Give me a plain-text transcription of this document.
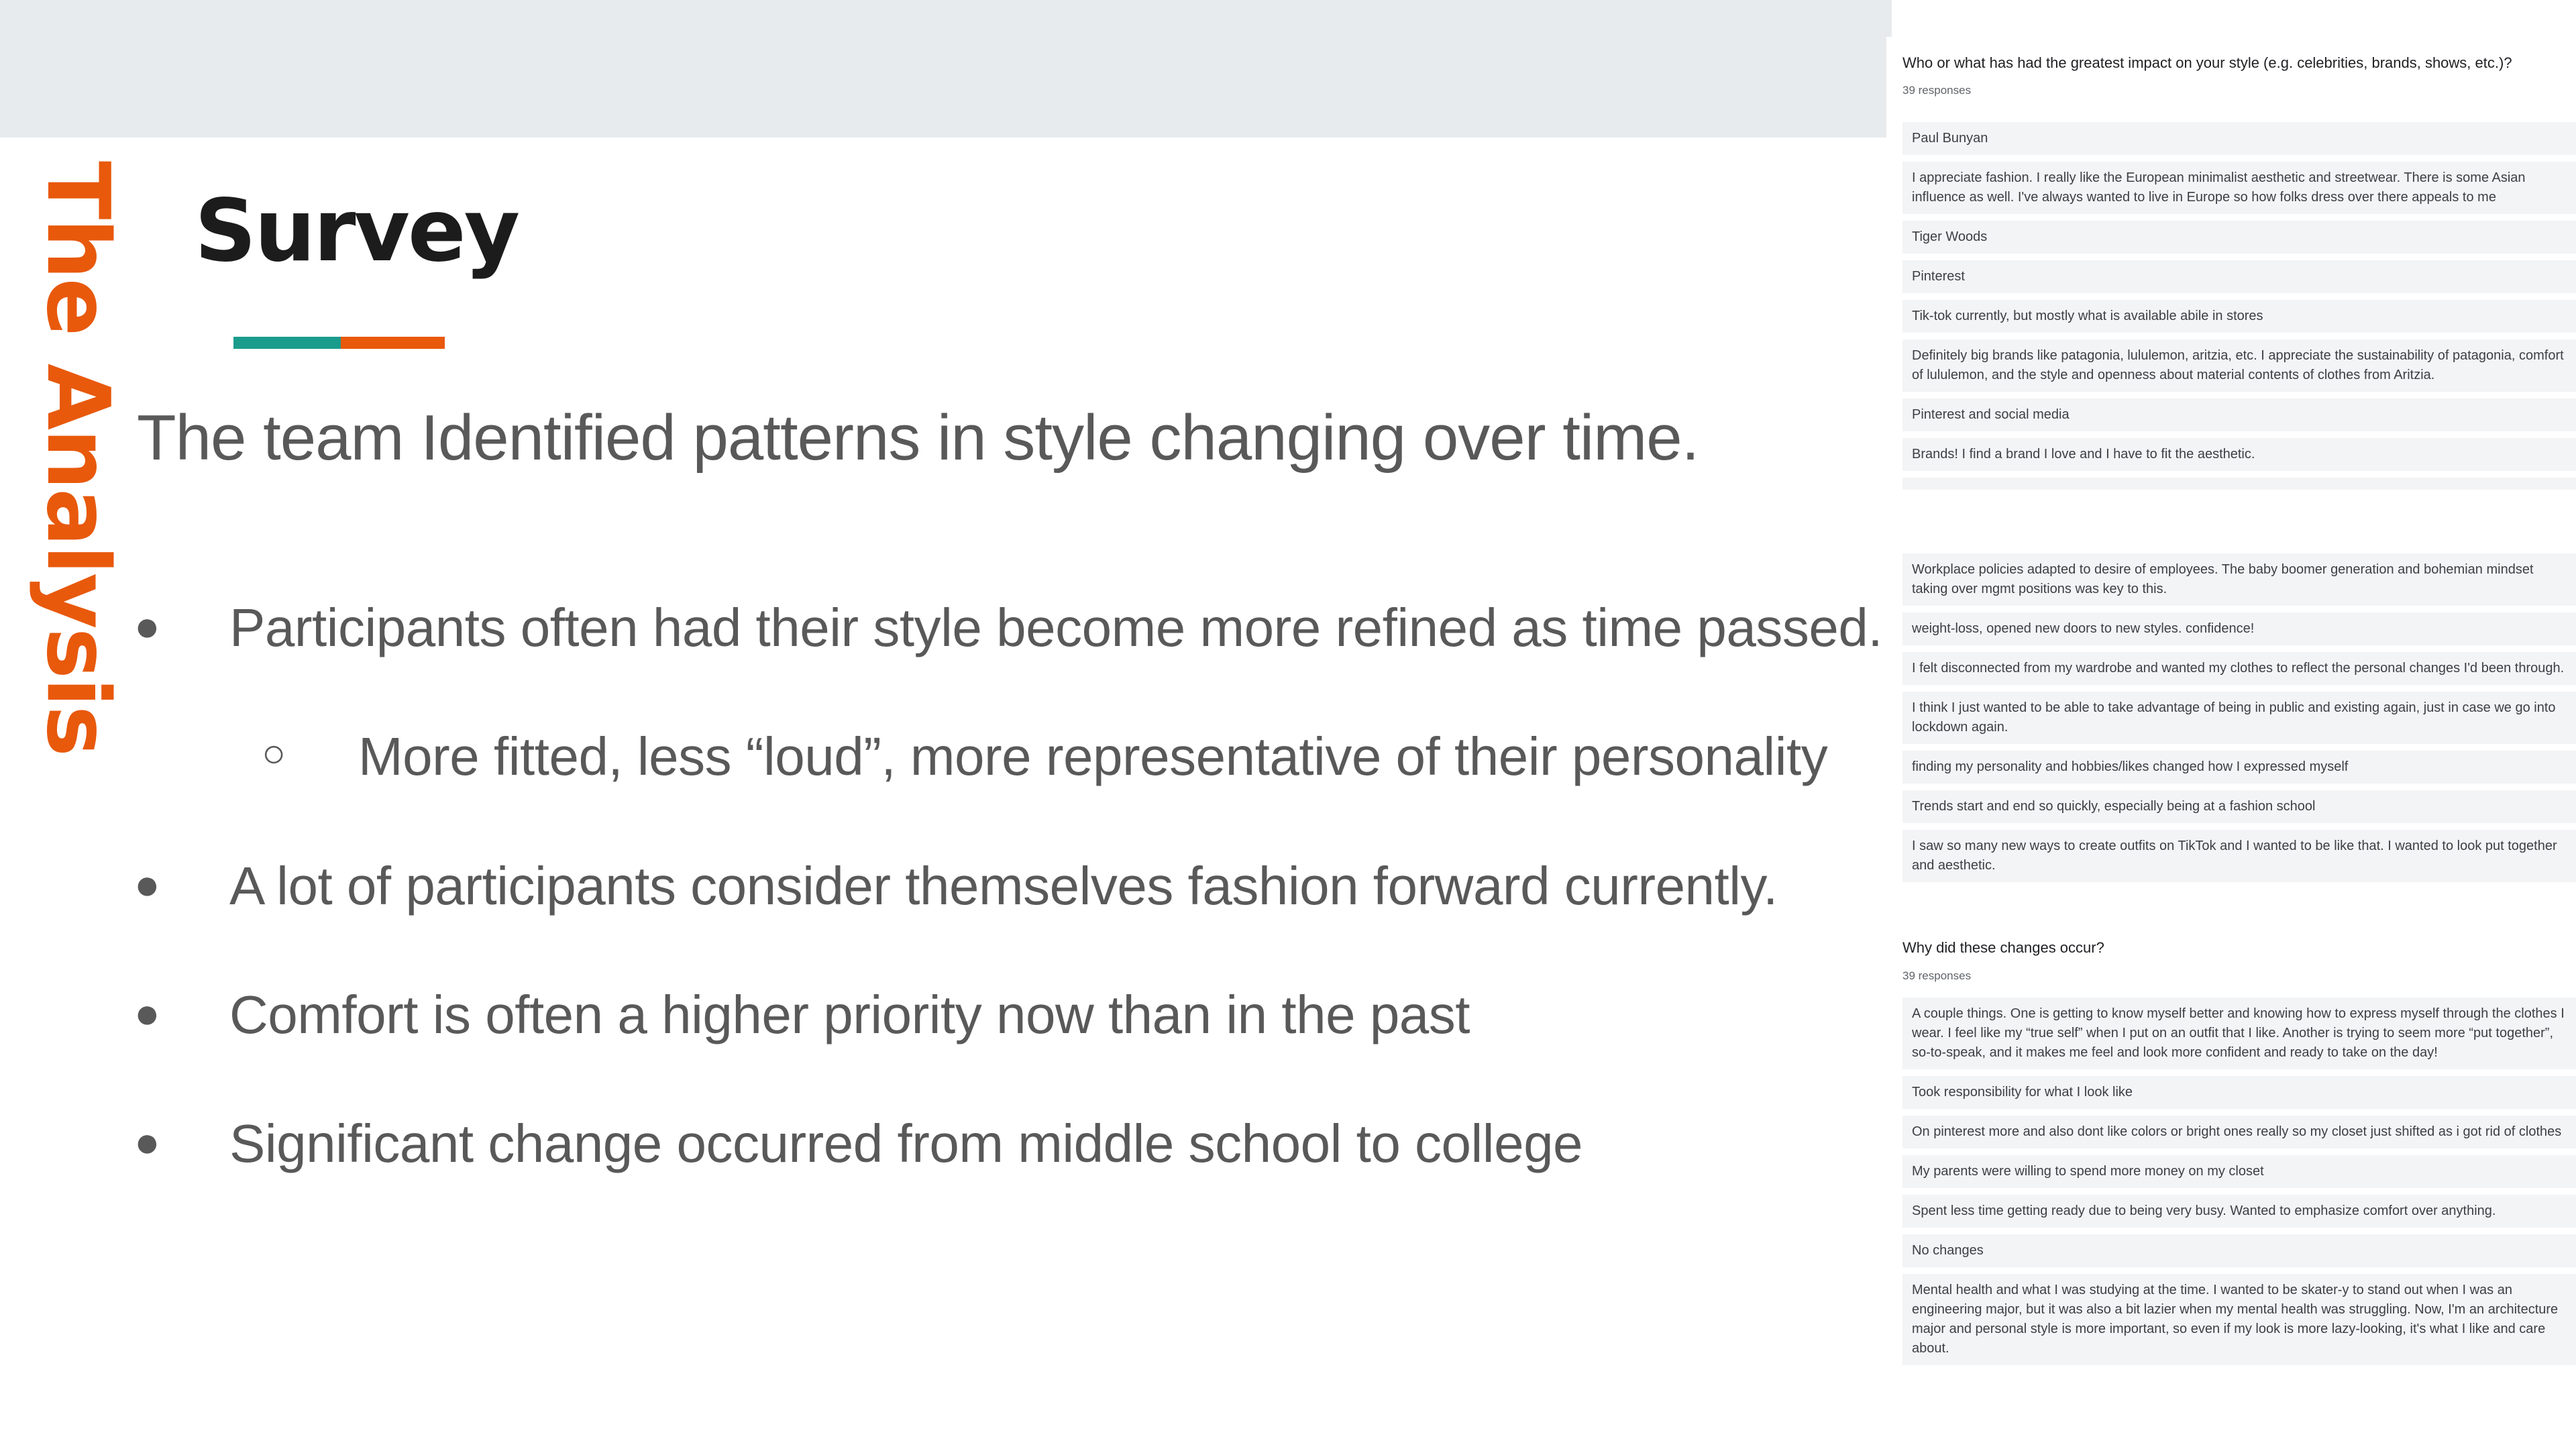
The Analysis Survey
The team Identified patterns in style changing over time.
● Participants often had their style become more refined as time passed.
○ More fitted, less “loud”, more representative of their personality
● A lot of participants consider themselves fashion forward currently.
● Comfort is often a higher priority now than in the past
● Significant change occurred from middle school to college
Who or what has had the greatest impact on your style (e.g. celebrities, brands, shows, etc.)?
39 responses
Paul Bunyan
I appreciate fashion. I really like the European minimalist aesthetic and streetwear. There is some Asian influence as well. I've always wanted to live in Europe so how folks dress over there appeals to me
Tiger Woods
Pinterest
Tik-tok currently, but mostly what is available abile in stores
Definitely big brands like patagonia, lululemon, aritzia, etc. I appreciate the sustainability of patagonia, comfort of lululemon, and the style and openness about material contents of clothes from Aritzia.
Pinterest and social media
Brands! I find a brand I love and I have to fit the aesthetic.
Workplace policies adapted to desire of employees. The baby boomer generation and bohemian mindset taking over mgmt positions was key to this.
weight-loss, opened new doors to new styles. confidence!
I felt disconnected from my wardrobe and wanted my clothes to reflect the personal changes I'd been through.
I think I just wanted to be able to take advantage of being in public and existing again, just in case we go into lockdown again.
finding my personality and hobbies/likes changed how I expressed myself
Trends start and end so quickly, especially being at a fashion school
I saw so many new ways to create outfits on TikTok and I wanted to be like that. I wanted to look put together and aesthetic.
Why did these changes occur?
39 responses
A couple things. One is getting to know myself better and knowing how to express myself through the clothes I wear. I feel like my “true self” when I put on an outfit that I like. Another is trying to seem more “put together”, so-to-speak, and it makes me feel and look more confident and ready to take on the day!
Took responsibility for what I look like
On pinterest more and also dont like colors or bright ones really so my closet just shifted as i got rid of clothes
My parents were willing to spend more money on my closet
Spent less time getting ready due to being very busy. Wanted to emphasize comfort over anything.
No changes
Mental health and what I was studying at the time. I wanted to be skater-y to stand out when I was an engineering major, but it was also a bit lazier when my mental health was struggling. Now, I'm an architecture major and personal style is more important, so even if my look is more lazy-looking, it's what I like and care about.
